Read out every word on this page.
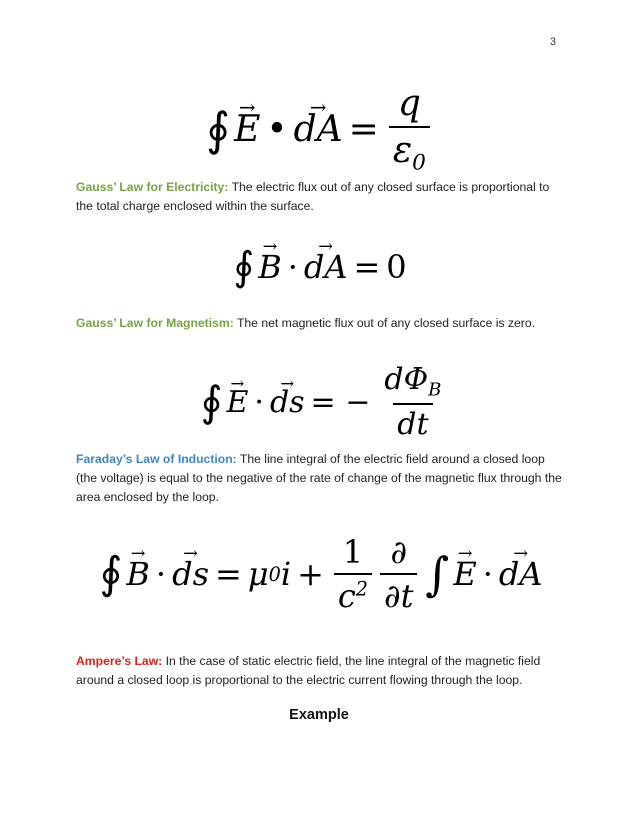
3
∮ → E • → dA = $\frac{q}{\varepsilon_0}$
Gauss’ Law for Electricity: The electric flux out of any closed surface is proportional to the total charge enclosed within the surface.
∮ → B · → dA = 0
Gauss’ Law for Magnetism: The net magnetic flux out of any closed surface is zero.
∮ → E · → ds = − $\frac{d\Phi_B}{dt}$
Faraday’s Law of Induction: The line integral of the electric field around a closed loop (the voltage) is equal to the negative of the rate of change of the magnetic flux through the area enclosed by the loop.
∮ → B · → ds = μ 0 $i + \frac{1}{c^2} \frac{\partial}{\partial t}$ ∫ → E · → dA
Ampere’s Law: In the case of static electric field, the line integral of the magnetic field around a closed loop is proportional to the electric current flowing through the loop.
Example
